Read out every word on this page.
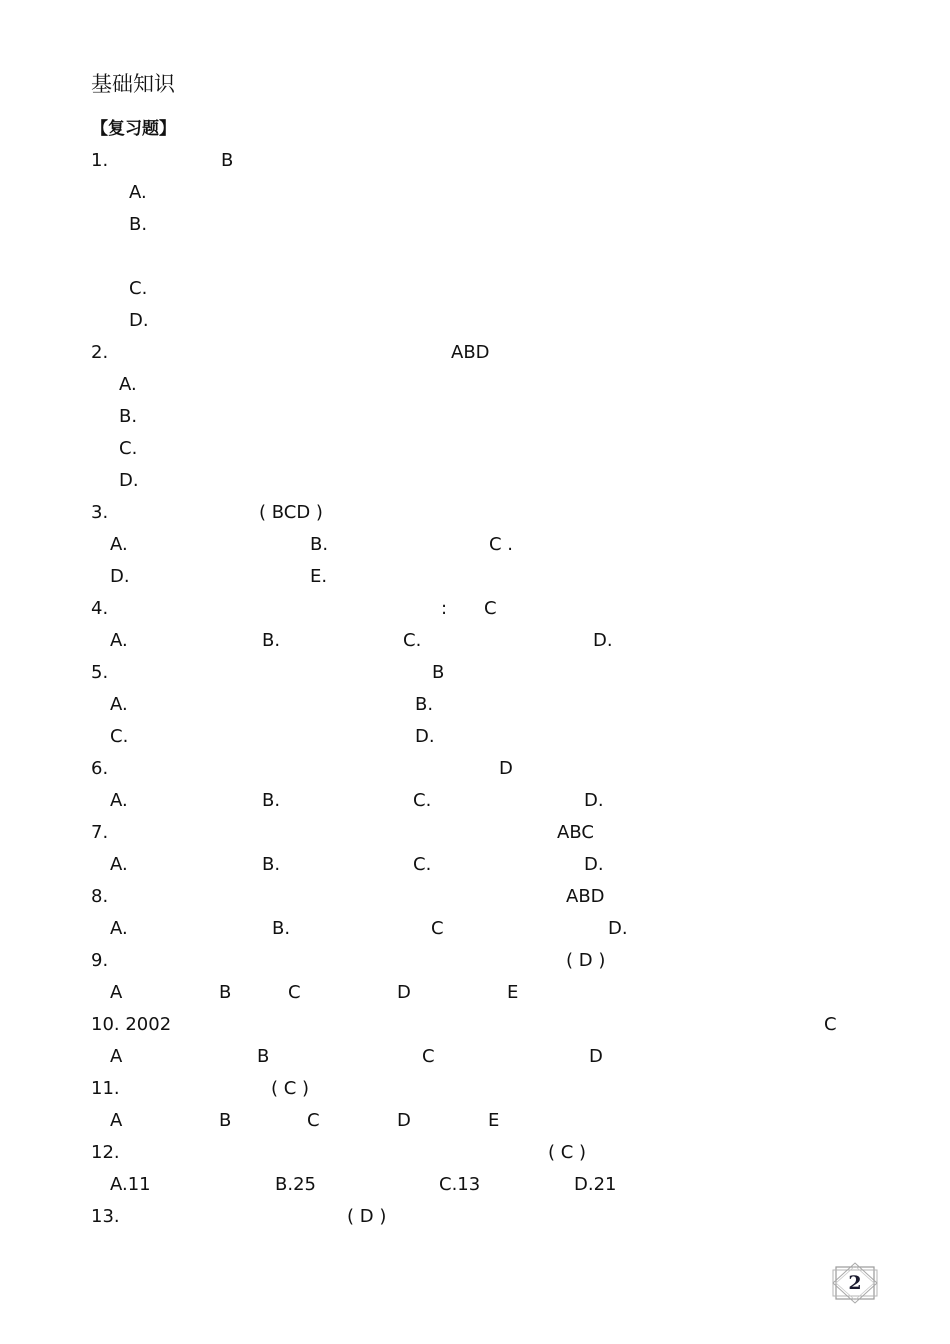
基础知识
【复习题】
1.	B
A.
B.
C.
D.
2.	ABD
A.
B.
C.
D.
3.	( BCD )
A.	B.	C .
D.	E.
4.	: C
A.	B.	C.	D.
5.	B
A.	B.
C.	D.
6.	D
A.	B.	C.	D.
7.	ABC
A.	B.	C.	D.
8.	ABD
A.	B.	C	D.
9.	( D )
A	B	C	D	E
10. 2002	C
A	B	C	D
11.	( C )
A	B	C	D	E
12.	( C )
A.11	B.25	C.13	D.21
13.	( D )
2
